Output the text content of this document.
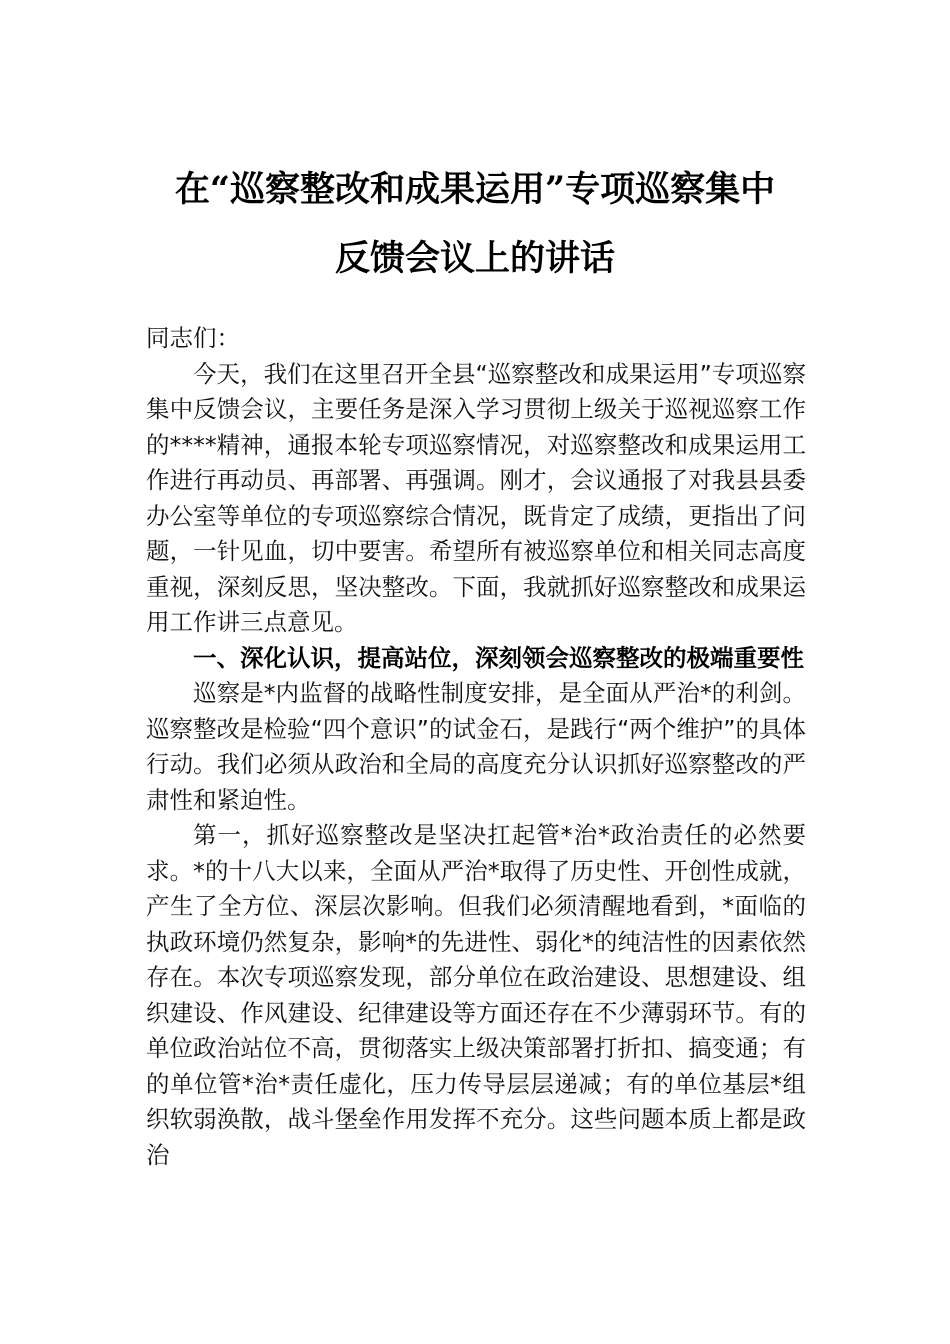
在“巡察整改和成果运用”专项巡察集中
反馈会议上的讲话

同志们：

今天，我们在这里召开全县“巡察整改和成果运用”专项巡察集中反馈会议，主要任务是深入学习贯彻上级关于巡视巡察工作的****精神，通报本轮专项巡察情况，对巡察整改和成果运用工作进行再动员、再部署、再强调。刚才，会议通报了对我县县委办公室等单位的专项巡察综合情况，既肯定了成绩，更指出了问题，一针见血，切中要害。希望所有被巡察单位和相关同志高度重视，深刻反思，坚决整改。下面，我就抓好巡察整改和成果运用工作讲三点意见。

一、深化认识，提高站位，深刻领会巡察整改的极端重要性

巡察是*内监督的战略性制度安排，是全面从严治*的利剑。巡察整改是检验“四个意识”的试金石，是践行“两个维护”的具体行动。我们必须从政治和全局的高度充分认识抓好巡察整改的严肃性和紧迫性。

第一，抓好巡察整改是坚决扛起管*治*政治责任的必然要求。*的十八大以来，全面从严治*取得了历史性、开创性成就，产生了全方位、深层次影响。但我们必须清醒地看到，*面临的执政环境仍然复杂，影响*的先进性、弱化*的纯洁性的因素依然存在。本次专项巡察发现，部分单位在政治建设、思想建设、组织建设、作风建设、纪律建设等方面还存在不少薄弱环节。有的单位政治站位不高，贯彻落实上级决策部署打折扣、搞变通；有的单位管*治*责任虚化，压力传导层层递减；有的单位基层*组织软弱涣散，战斗堡垒作用发挥不充分。这些问题本质上都是政治
